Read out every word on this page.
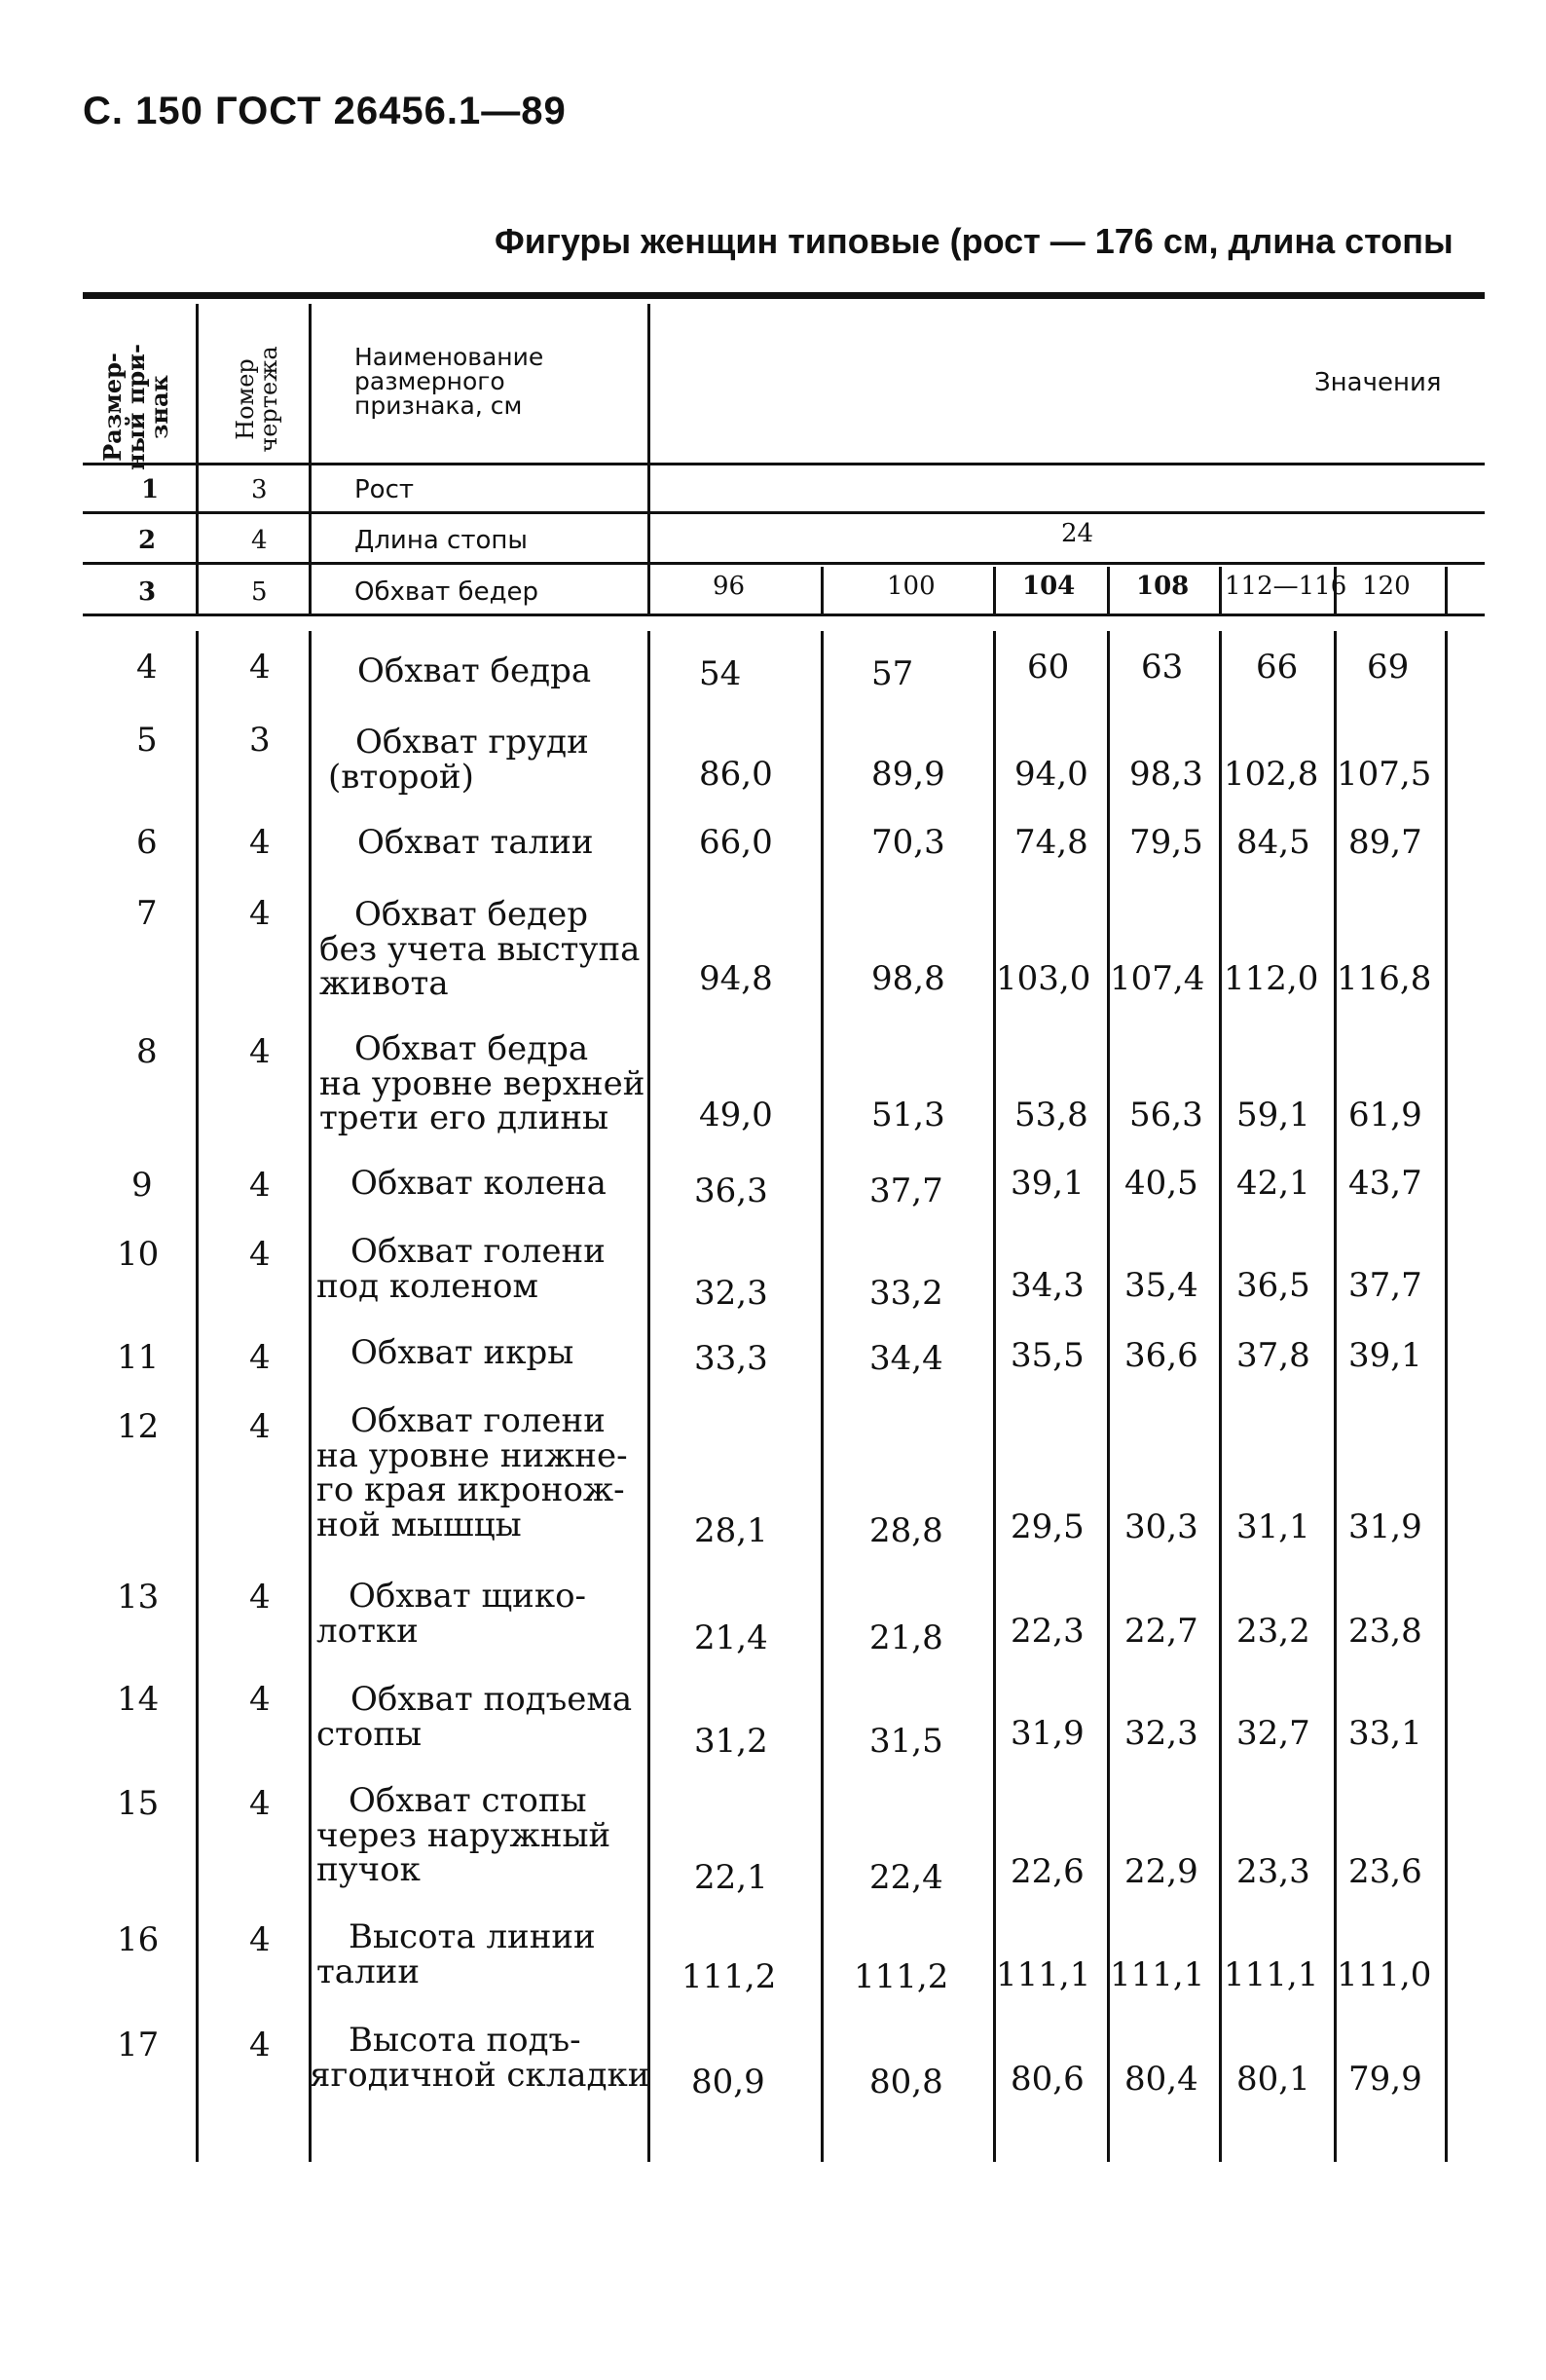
С. 150 ГОСТ 26456.1—89
Фигуры женщин типовые (рост — 176 см, длина стопы
Размер-
ный при-
знак	Номер
чертежа	Наименование
размерного
признака, см
Значения
1	3	Рост
2	4	Длина стопы	24
3	5	Обхват бедер	96	100	104 108 112—116 120
4	4	Обхват бедра	54	57	60 63 66 69
5	3	Обхват груди
(второй)	86,0	89,9 94,0 98,3 102,8 107,5
6	4	Обхват талии	66,0	70,3 74,8 79,5 84,5 89,7
7	4	Обхват бедер
без учета выступа
живота	94,8	98,8 103,0 107,4 112,0 116,8
8	4	Обхват бедра
на уровне верхней
трети его длины	49,0	51,3 53,8 56,3 59,1 61,9
9	4 Обхват колена	36,3	37,7 39,1 40,5 42,1 43,7
10	4	Обхват голени
под коленом	32,3	33,2 34,3 35,4 36,5 37,7
11	4 Обхват икры	33,3	34,4 35,5 36,6 37,8 39,1
12	4	Обхват голени
на уровне нижне-
го края икронож-
ной мышцы	28,1	28,8 29,5 30,3 31,1 31,9
13	4	Обхват щико-
лотки	21,4	21,8 22,3 22,7 23,2 23,8
14	4	Обхват подъема
стопы	31,2	31,5 31,9 32,3 32,7 33,1
15	4	Обхват стопы
через наружный
пучок	22,1	22,4 22,6 22,9 23,3 23,6
16	4	Высота линии
талии	111,2 111,2 111,1 111,1 111,1 111,0
17	4	Высота подъ-
ягодичной складки 80,9	80,8 80,6 80,4 80,1 79,9
